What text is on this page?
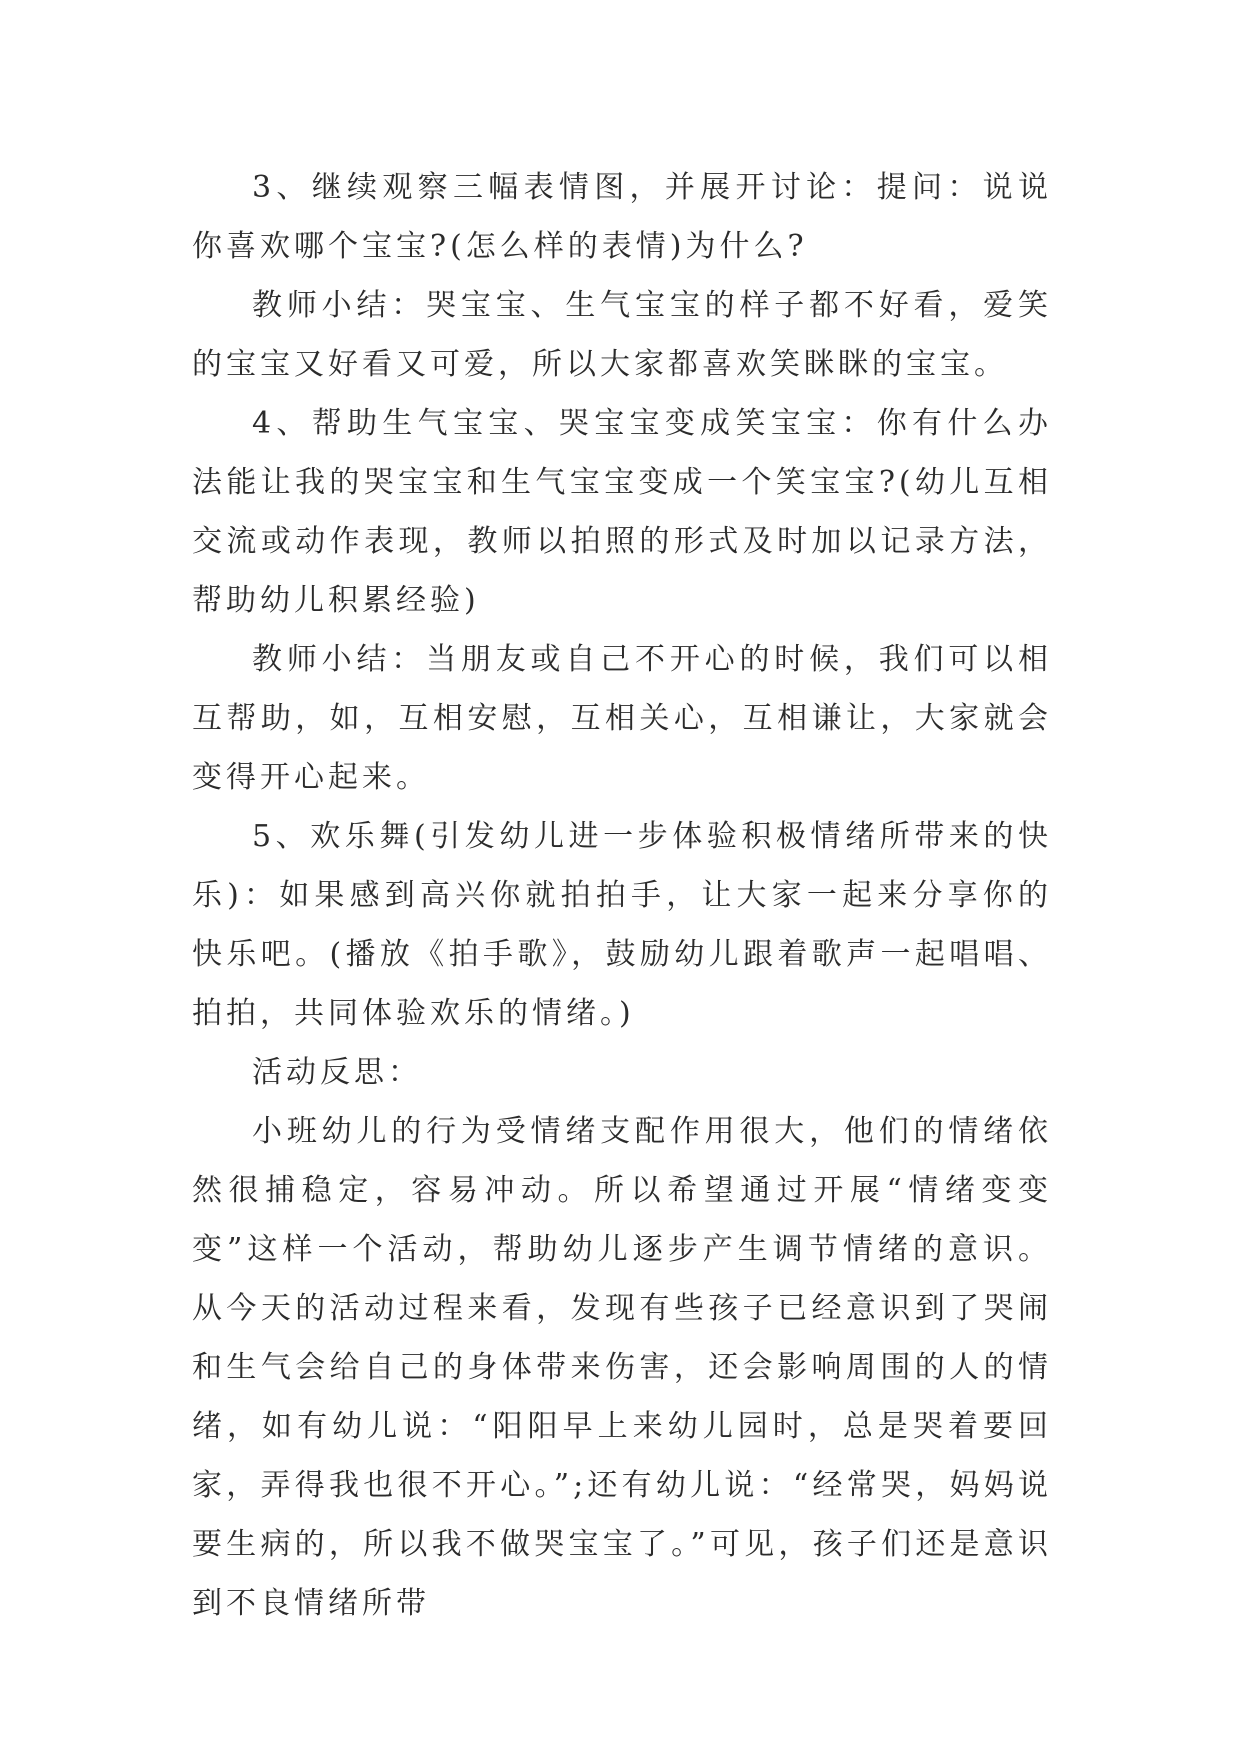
3、继续观察三幅表情图，并展开讨论：提问：说说你喜欢哪个宝宝?(怎么样的表情)为什么?

教师小结：哭宝宝、生气宝宝的样子都不好看，爱笑的宝宝又好看又可爱，所以大家都喜欢笑眯眯的宝宝。

4、帮助生气宝宝、哭宝宝变成笑宝宝：你有什么办法能让我的哭宝宝和生气宝宝变成一个笑宝宝?(幼儿互相交流或动作表现，教师以拍照的形式及时加以记录方法，帮助幼儿积累经验)

教师小结：当朋友或自己不开心的时候，我们可以相互帮助，如，互相安慰，互相关心，互相谦让，大家就会变得开心起来。

5、欢乐舞(引发幼儿进一步体验积极情绪所带来的快乐)：如果感到高兴你就拍拍手，让大家一起来分享你的快乐吧。(播放《拍手歌》，鼓励幼儿跟着歌声一起唱唱、拍拍，共同体验欢乐的情绪。)

活动反思：

小班幼儿的行为受情绪支配作用很大，他们的情绪依然很捕稳定，容易冲动。所以希望通过开展“情绪变变变”这样一个活动，帮助幼儿逐步产生调节情绪的意识。从今天的活动过程来看，发现有些孩子已经意识到了哭闹和生气会给自己的身体带来伤害，还会影响周围的人的情绪，如有幼儿说：“阳阳早上来幼儿园时，总是哭着要回家，弄得我也很不开心。”;还有幼儿说：“经常哭，妈妈说要生病的，所以我不做哭宝宝了。”可见，孩子们还是意识到不良情绪所带
